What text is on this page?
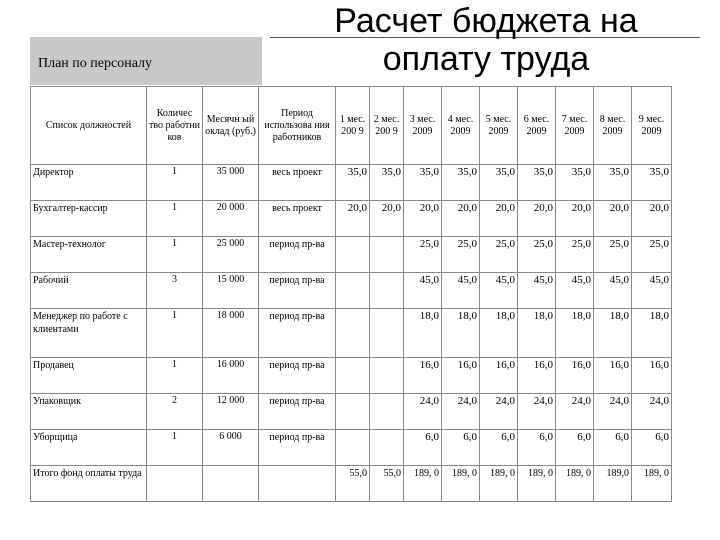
План по персоналу
Расчет бюджета на оплату труда
Список должностей	Количес тво работни ков	Месячн ый оклад (руб.)	Период использова ния работников	1 мес. 200 9	2 мес. 200 9	3 мес. 2009	4 мес. 2009	5 мес. 2009	6 мес. 2009	7 мес. 2009	8 мес. 2009	9 мес. 2009
Директор	1	35 000	весь проект	35,0	35,0	35,0	35,0	35,0	35,0	35,0	35,0	35,0
Бухгалтер-кассир	1	20 000	весь проект	20,0	20,0	20,0	20,0	20,0	20,0	20,0	20,0	20,0
Мастер-технолог	1	25 000	период пр-ва			25,0	25,0	25,0	25,0	25,0	25,0	25,0
Рабочий	3	15 000	период пр-ва			45,0	45,0	45,0	45,0	45,0	45,0	45,0
Менеджер по работе с клиентами	1	18 000	период пр-ва			18,0	18,0	18,0	18,0	18,0	18,0	18,0
Продавец	1	16 000	период пр-ва			16,0	16,0	16,0	16,0	16,0	16,0	16,0
Упаковщик	2	12 000	период пр-ва			24,0	24,0	24,0	24,0	24,0	24,0	24,0
Уборщица	1	6 000	период пр-ва			6,0	6,0	6,0	6,0	6,0	6,0	6,0
Итого фонд оплаты труда				55,0	55,0	189, 0	189, 0	189, 0	189, 0	189, 0	189,0	189, 0
